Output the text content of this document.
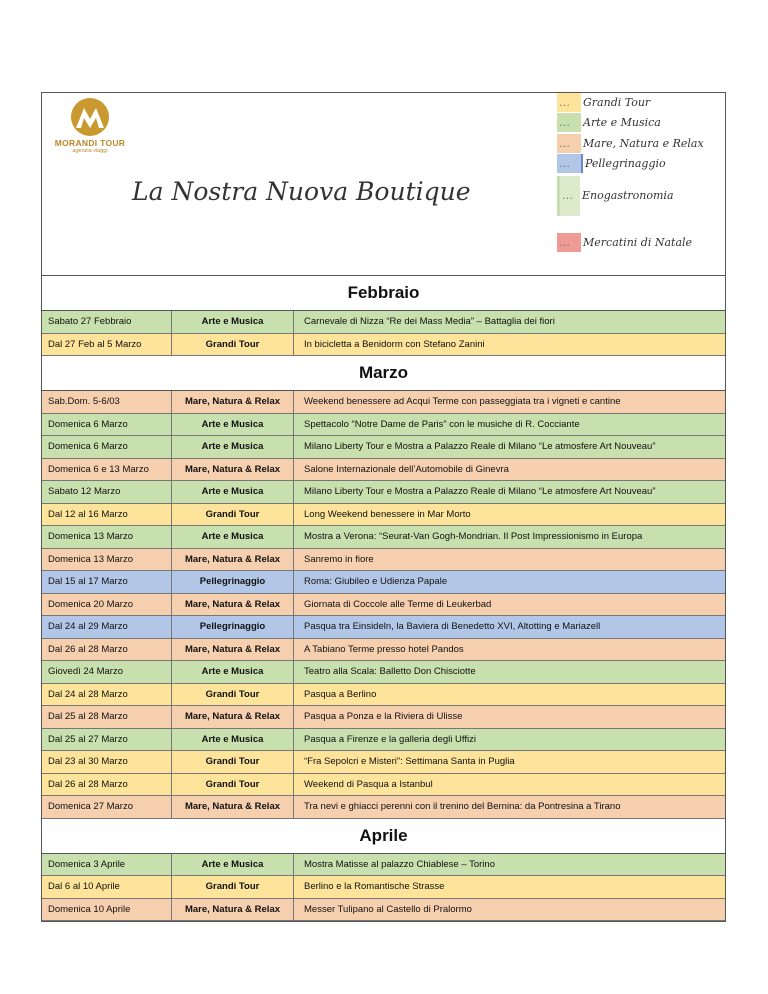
MORANDI TOUR
agenzia viaggi
La Nostra Nuova Boutique
… Grandi Tour
… Arte e Musica
… Mare, Natura e Relax
… Pellegrinaggio
… Enogastronomia
… Mercatini di Natale
Febbraio
Sabato 27 Febbraio	Arte e Musica	Carnevale di Nizza “Re dei Mass Media” – Battaglia dei fiori
Dal 27 Feb al 5 Marzo	Grandi Tour	In bicicletta a Benidorm con Stefano Zanini
Marzo
Sab.Dom. 5-6/03	Mare, Natura & Relax	Weekend benessere ad Acqui Terme con passeggiata tra i vigneti e cantine
Domenica 6 Marzo	Arte e Musica	Spettacolo “Notre Dame de Paris” con le musiche di R. Cocciante
Domenica 6 Marzo	Arte e Musica	Milano Liberty Tour e Mostra a Palazzo Reale di Milano “Le atmosfere Art Nouveau”
Domenica 6 e 13 Marzo	Mare, Natura & Relax	Salone Internazionale dell’Automobile di Ginevra
Sabato 12 Marzo	Arte e Musica	Milano Liberty Tour e Mostra a Palazzo Reale di Milano “Le atmosfere Art Nouveau”
Dal 12 al 16 Marzo	Grandi Tour	Long Weekend benessere in Mar Morto
Domenica 13 Marzo	Arte e Musica	Mostra a Verona: “Seurat-Van Gogh-Mondrian. Il Post Impressionismo in Europa
Domenica 13 Marzo	Mare, Natura & Relax	Sanremo in fiore
Dal 15 al 17 Marzo	Pellegrinaggio	Roma: Giubileo e Udienza Papale
Domenica 20 Marzo	Mare, Natura & Relax	Giornata di Coccole alle Terme di Leukerbad
Dal 24 al 29 Marzo	Pellegrinaggio	Pasqua tra Einsideln, la Baviera di Benedetto XVI, Altotting e Mariazell
Dal 26 al 28 Marzo	Mare, Natura & Relax	A Tabiano Terme presso hotel Pandos
Giovedì 24 Marzo	Arte e Musica	Teatro alla Scala: Balletto Don Chisciotte
Dal 24 al 28 Marzo	Grandi Tour	Pasqua a Berlino
Dal 25 al 28 Marzo	Mare, Natura & Relax	Pasqua a Ponza e la Riviera di Ulisse
Dal 25 al 27 Marzo	Arte e Musica	Pasqua a Firenze e la galleria degli Uffizi
Dal 23 al 30 Marzo	Grandi Tour	“Fra Sepolcri e Misteri”: Settimana Santa in Puglia
Dal 26 al 28 Marzo	Grandi Tour	Weekend di Pasqua a Istanbul
Domenica 27 Marzo	Mare, Natura & Relax	Tra nevi e ghiacci perenni con il trenino del Bernina: da Pontresina a Tirano
Aprile
Domenica 3 Aprile	Arte e Musica	Mostra Matisse al palazzo Chiablese – Torino
Dal 6 al 10 Aprile	Grandi Tour	Berlino e la Romantische Strasse
Domenica 10 Aprile	Mare, Natura & Relax	Messer Tulipano al Castello di Pralormo
